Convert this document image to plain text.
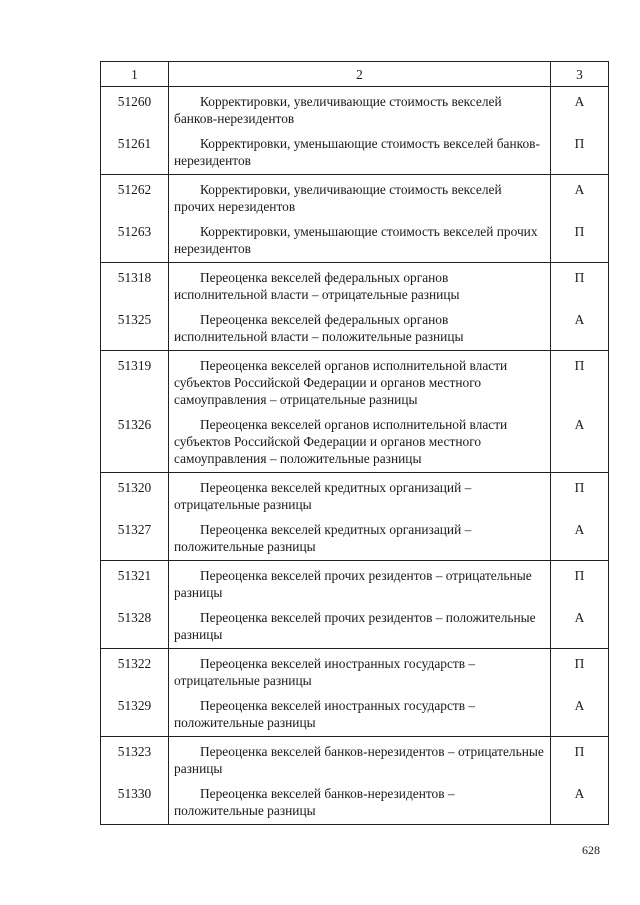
1	2	3
51260	Корректировки, увеличивающие стоимость векселей банков-нерезидентов	А
51261	Корректировки, уменьшающие стоимость векселей банков-нерезидентов	П
51262	Корректировки, увеличивающие стоимость векселей прочих нерезидентов	А
51263	Корректировки, уменьшающие стоимость векселей прочих нерезидентов	П
51318	Переоценка векселей федеральных органов исполнительной власти – отрицательные разницы	П
51325	Переоценка векселей федеральных органов исполнительной власти – положительные разницы	А
51319	Переоценка векселей органов исполнительной власти субъектов Российской Федерации и органов местного самоуправления – отрицательные разницы	П
51326	Переоценка векселей органов исполнительной власти субъектов Российской Федерации и органов местного самоуправления – положительные разницы	А
51320	Переоценка векселей кредитных организаций – отрицательные разницы	П
51327	Переоценка векселей кредитных организаций – положительные разницы	А
51321	Переоценка векселей прочих резидентов – отрицательные разницы	П
51328	Переоценка векселей прочих резидентов – положительные разницы	А
51322	Переоценка векселей иностранных государств – отрицательные разницы	П
51329	Переоценка векселей иностранных государств – положительные разницы	А
51323	Переоценка векселей банков-нерезидентов – отрицательные разницы	П
51330	Переоценка векселей банков-нерезидентов – положительные разницы	А
628
